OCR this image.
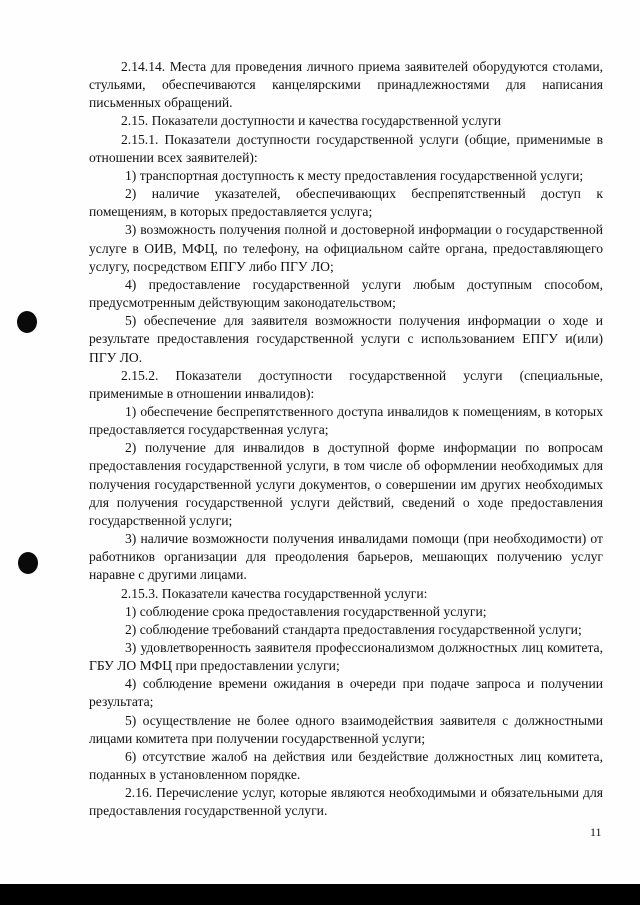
2.14.14. Места для проведения личного приема заявителей оборудуются столами, стульями, обеспечиваются канцелярскими принадлежностями для написания письменных обращений.

2.15. Показатели доступности и качества государственной услуги

2.15.1. Показатели доступности государственной услуги (общие, применимые в отношении всех заявителей):

1) транспортная доступность к месту предоставления государственной услуги;

2) наличие указателей, обеспечивающих беспрепятственный доступ к помещениям, в которых предоставляется услуга;

3) возможность получения полной и достоверной информации о государственной услуге в ОИВ, МФЦ, по телефону, на официальном сайте органа, предоставляющего услугу, посредством ЕПГУ либо ПГУ ЛО;

4) предоставление государственной услуги любым доступным способом, предусмотренным действующим законодательством;

5) обеспечение для заявителя возможности получения информации о ходе и результате предоставления государственной услуги с использованием ЕПГУ и(или) ПГУ ЛО.

2.15.2. Показатели доступности государственной услуги (специальные, применимые в отношении инвалидов):

1) обеспечение беспрепятственного доступа инвалидов к помещениям, в которых предоставляется государственная услуга;

2) получение для инвалидов в доступной форме информации по вопросам предоставления государственной услуги, в том числе об оформлении необходимых для получения государственной услуги документов, о совершении им других необходимых для получения государственной услуги действий, сведений о ходе предоставления государственной услуги;

3) наличие возможности получения инвалидами помощи (при необходимости) от работников организации для преодоления барьеров, мешающих получению услуг наравне с другими лицами.

2.15.3. Показатели качества государственной услуги:

1) соблюдение срока предоставления государственной услуги;

2) соблюдение требований стандарта предоставления государственной услуги;

3) удовлетворенность заявителя профессионализмом должностных лиц комитета, ГБУ ЛО МФЦ при предоставлении услуги;

4) соблюдение времени ожидания в очереди при подаче запроса и получении результата;

5) осуществление не более одного взаимодействия заявителя с должностными лицами комитета при получении государственной услуги;

6) отсутствие жалоб на действия или бездействие должностных лиц комитета, поданных в установленном порядке.

2.16. Перечисление услуг, которые являются необходимыми и обязательными для предоставления государственной услуги.

11
